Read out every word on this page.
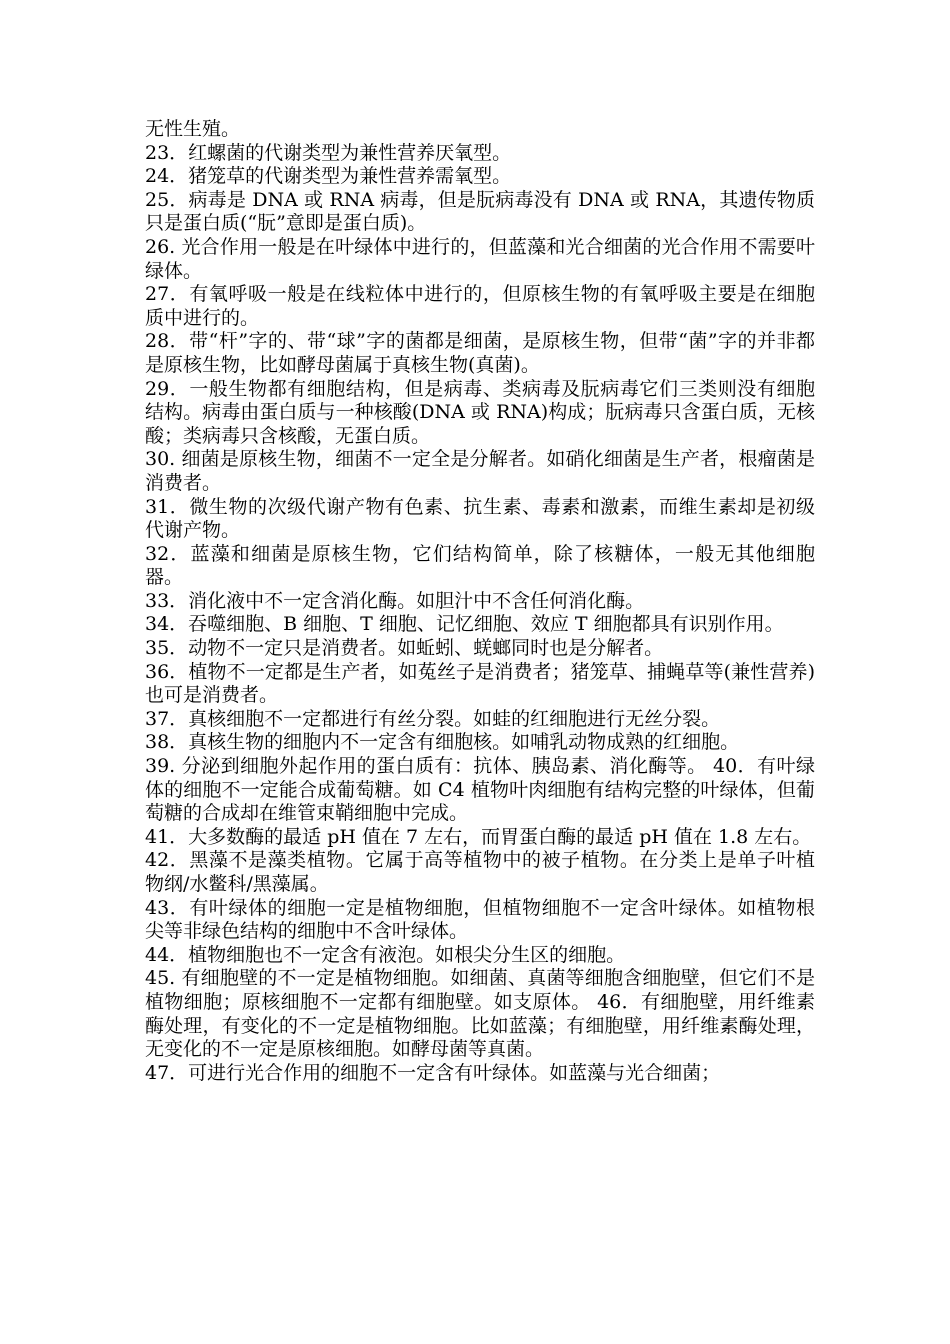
无性生殖。

23．红螺菌的代谢类型为兼性营养厌氧型。

24．猪笼草的代谢类型为兼性营养需氧型。

25．病毒是 DNA 或 RNA 病毒，但是朊病毒没有 DNA 或 RNA，其遗传物质只是蛋白质(“朊”意即是蛋白质)。

26. 光合作用一般是在叶绿体中进行的，但蓝藻和光合细菌的光合作用不需要叶绿体。

27．有氧呼吸一般是在线粒体中进行的，但原核生物的有氧呼吸主要是在细胞质中进行的。

28．带“杆”字的、带“球”字的菌都是细菌，是原核生物，但带“菌”字的并非都是原核生物，比如酵母菌属于真核生物(真菌)。

29．一般生物都有细胞结构，但是病毒、类病毒及朊病毒它们三类则没有细胞结构。病毒由蛋白质与一种核酸(DNA 或 RNA)构成；朊病毒只含蛋白质，无核酸；类病毒只含核酸，无蛋白质。

30. 细菌是原核生物，细菌不一定全是分解者。如硝化细菌是生产者，根瘤菌是消费者。

31．微生物的次级代谢产物有色素、抗生素、毒素和激素，而维生素却是初级代谢产物。

32．蓝藻和细菌是原核生物，它们结构简单，除了核糖体，一般无其他细胞器。

33．消化液中不一定含消化酶。如胆汁中不含任何消化酶。

34．吞噬细胞、B 细胞、T 细胞、记忆细胞、效应 T 细胞都具有识别作用。

35．动物不一定只是消费者。如蚯蚓、蜣螂同时也是分解者。

36．植物不一定都是生产者，如菟丝子是消费者；猪笼草、捕蝇草等(兼性营养)也可是消费者。

37．真核细胞不一定都进行有丝分裂。如蛙的红细胞进行无丝分裂。

38．真核生物的细胞内不一定含有细胞核。如哺乳动物成熟的红细胞。

39. 分泌到细胞外起作用的蛋白质有：抗体、胰岛素、消化酶等。 40．有叶绿体的细胞不一定能合成葡萄糖。如 C4 植物叶肉细胞有结构完整的叶绿体，但葡萄糖的合成却在维管束鞘细胞中完成。

41．大多数酶的最适 pH 值在 7 左右，而胃蛋白酶的最适 pH 值在 1.8 左右。

42．黑藻不是藻类植物。它属于高等植物中的被子植物。在分类上是单子叶植物纲/水鳖科/黑藻属。

43．有叶绿体的细胞一定是植物细胞，但植物细胞不一定含叶绿体。如植物根尖等非绿色结构的细胞中不含叶绿体。

44．植物细胞也不一定含有液泡。如根尖分生区的细胞。

45. 有细胞壁的不一定是植物细胞。如细菌、真菌等细胞含细胞壁，但它们不是植物细胞；原核细胞不一定都有细胞壁。如支原体。 46．有细胞壁，用纤维素酶处理，有变化的不一定是植物细胞。比如蓝藻；有细胞壁，用纤维素酶处理，无变化的不一定是原核细胞。如酵母菌等真菌。

47．可进行光合作用的细胞不一定含有叶绿体。如蓝藻与光合细菌；
